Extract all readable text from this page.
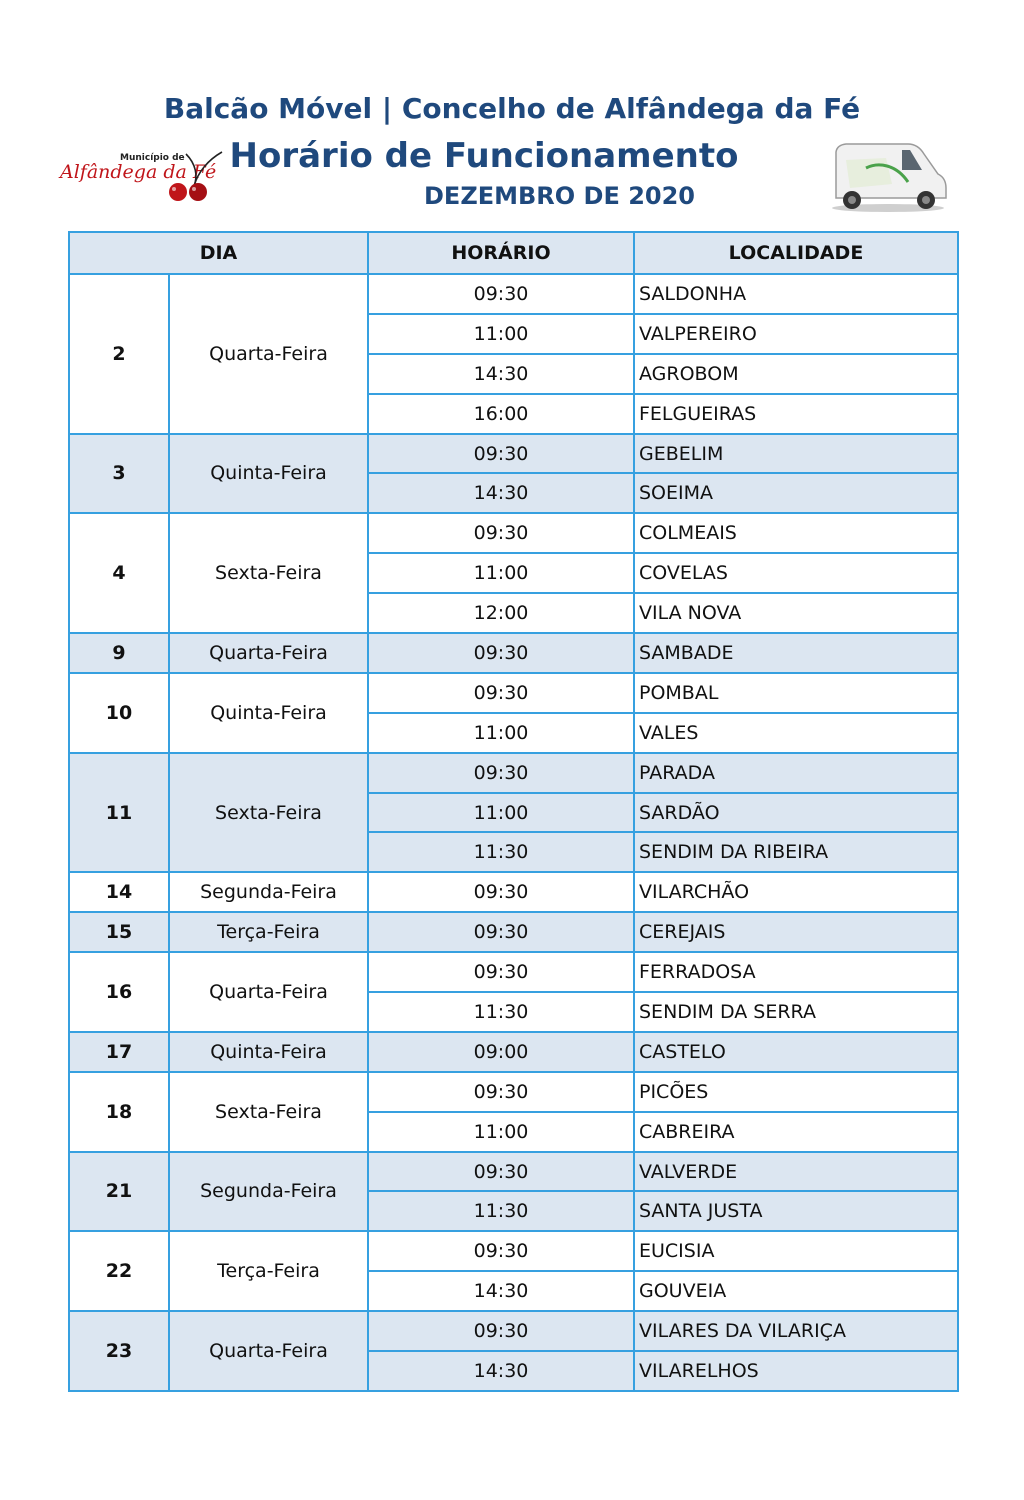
Balcão Móvel | Concelho de Alfândega da Fé
Horário de Funcionamento
DEZEMBRO DE 2020
Município de
Alfândega da Fé
DIA		HORÁRIO	LOCALIDADE
2	Quarta-Feira	09:30	SALDONHA
		11:00	VALPEREIRO
		14:30	AGROBOM
		16:00	FELGUEIRAS
3	Quinta-Feira	09:30	GEBELIM
		14:30	SOEIMA
4	Sexta-Feira	09:30	COLMEAIS
		11:00	COVELAS
		12:00	VILA NOVA
9	Quarta-Feira	09:30	SAMBADE
10	Quinta-Feira	09:30	POMBAL
		11:00	VALES
11	Sexta-Feira	09:30	PARADA
		11:00	SARDÃO
		11:30	SENDIM DA RIBEIRA
14	Segunda-Feira	09:30	VILARCHÃO
15	Terça-Feira	09:30	CEREJAIS
16	Quarta-Feira	09:30	FERRADOSA
		11:30	SENDIM DA SERRA
17	Quinta-Feira	09:00	CASTELO
18	Sexta-Feira	09:30	PICÕES
		11:00	CABREIRA
21	Segunda-Feira	09:30	VALVERDE
		11:30	SANTA JUSTA
22	Terça-Feira	09:30	EUCISIA
		14:30	GOUVEIA
23	Quarta-Feira	09:30	VILARES DA VILARIÇA
		14:30	VILARELHOS
